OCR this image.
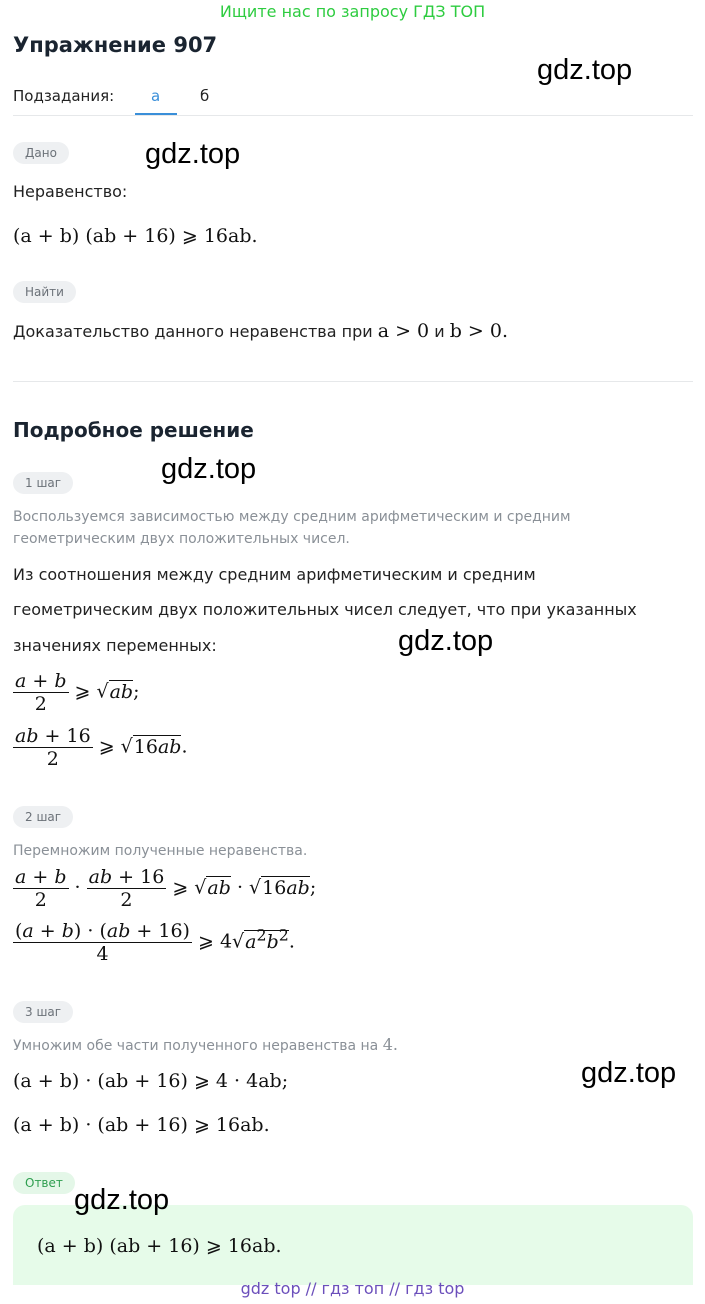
Ищите нас по запросу ГДЗ ТОП
Упражнение 907
gdz.top
gdz.top
gdz.top
gdz.top
gdz.top
gdz.top
Подзадания: а	б
Дано
Неравенство:
(a + b) (ab + 16) ⩾ 16ab.
Найти
Доказательство данного неравенства при a > 0 и b > 0.
Подробное решение
1 шаг
Воспользуемся зависимостью между средним арифметическим и средним геометрическим двух положительных чисел.
Из соотношения между средним арифметическим и средним
геометрическим двух положительных чисел следует, что при указанных
значениях переменных:
$\frac{a + b}{2}$ ⩾ √ab;
$\frac{ab + 16}{2}$ ⩾ √16ab.
2 шаг
Перемножим полученные неравенства.
$\frac{a + b}{2} \cdot \frac{ab + 16}{2}$ ⩾ √ab · √16ab;
$\frac{(a + b) \cdot (ab + 16)}{4}$ ⩾ $4√a^2b^2$.
3 шаг
Умножим обе части полученного неравенства на 4.
(a + b) · (ab + 16) ⩾ 4 · 4ab;
(a + b) · (ab + 16) ⩾ 16ab.
Ответ
(a + b) (ab + 16) ⩾ 16ab.
gdz top // гдз топ // гдз top
